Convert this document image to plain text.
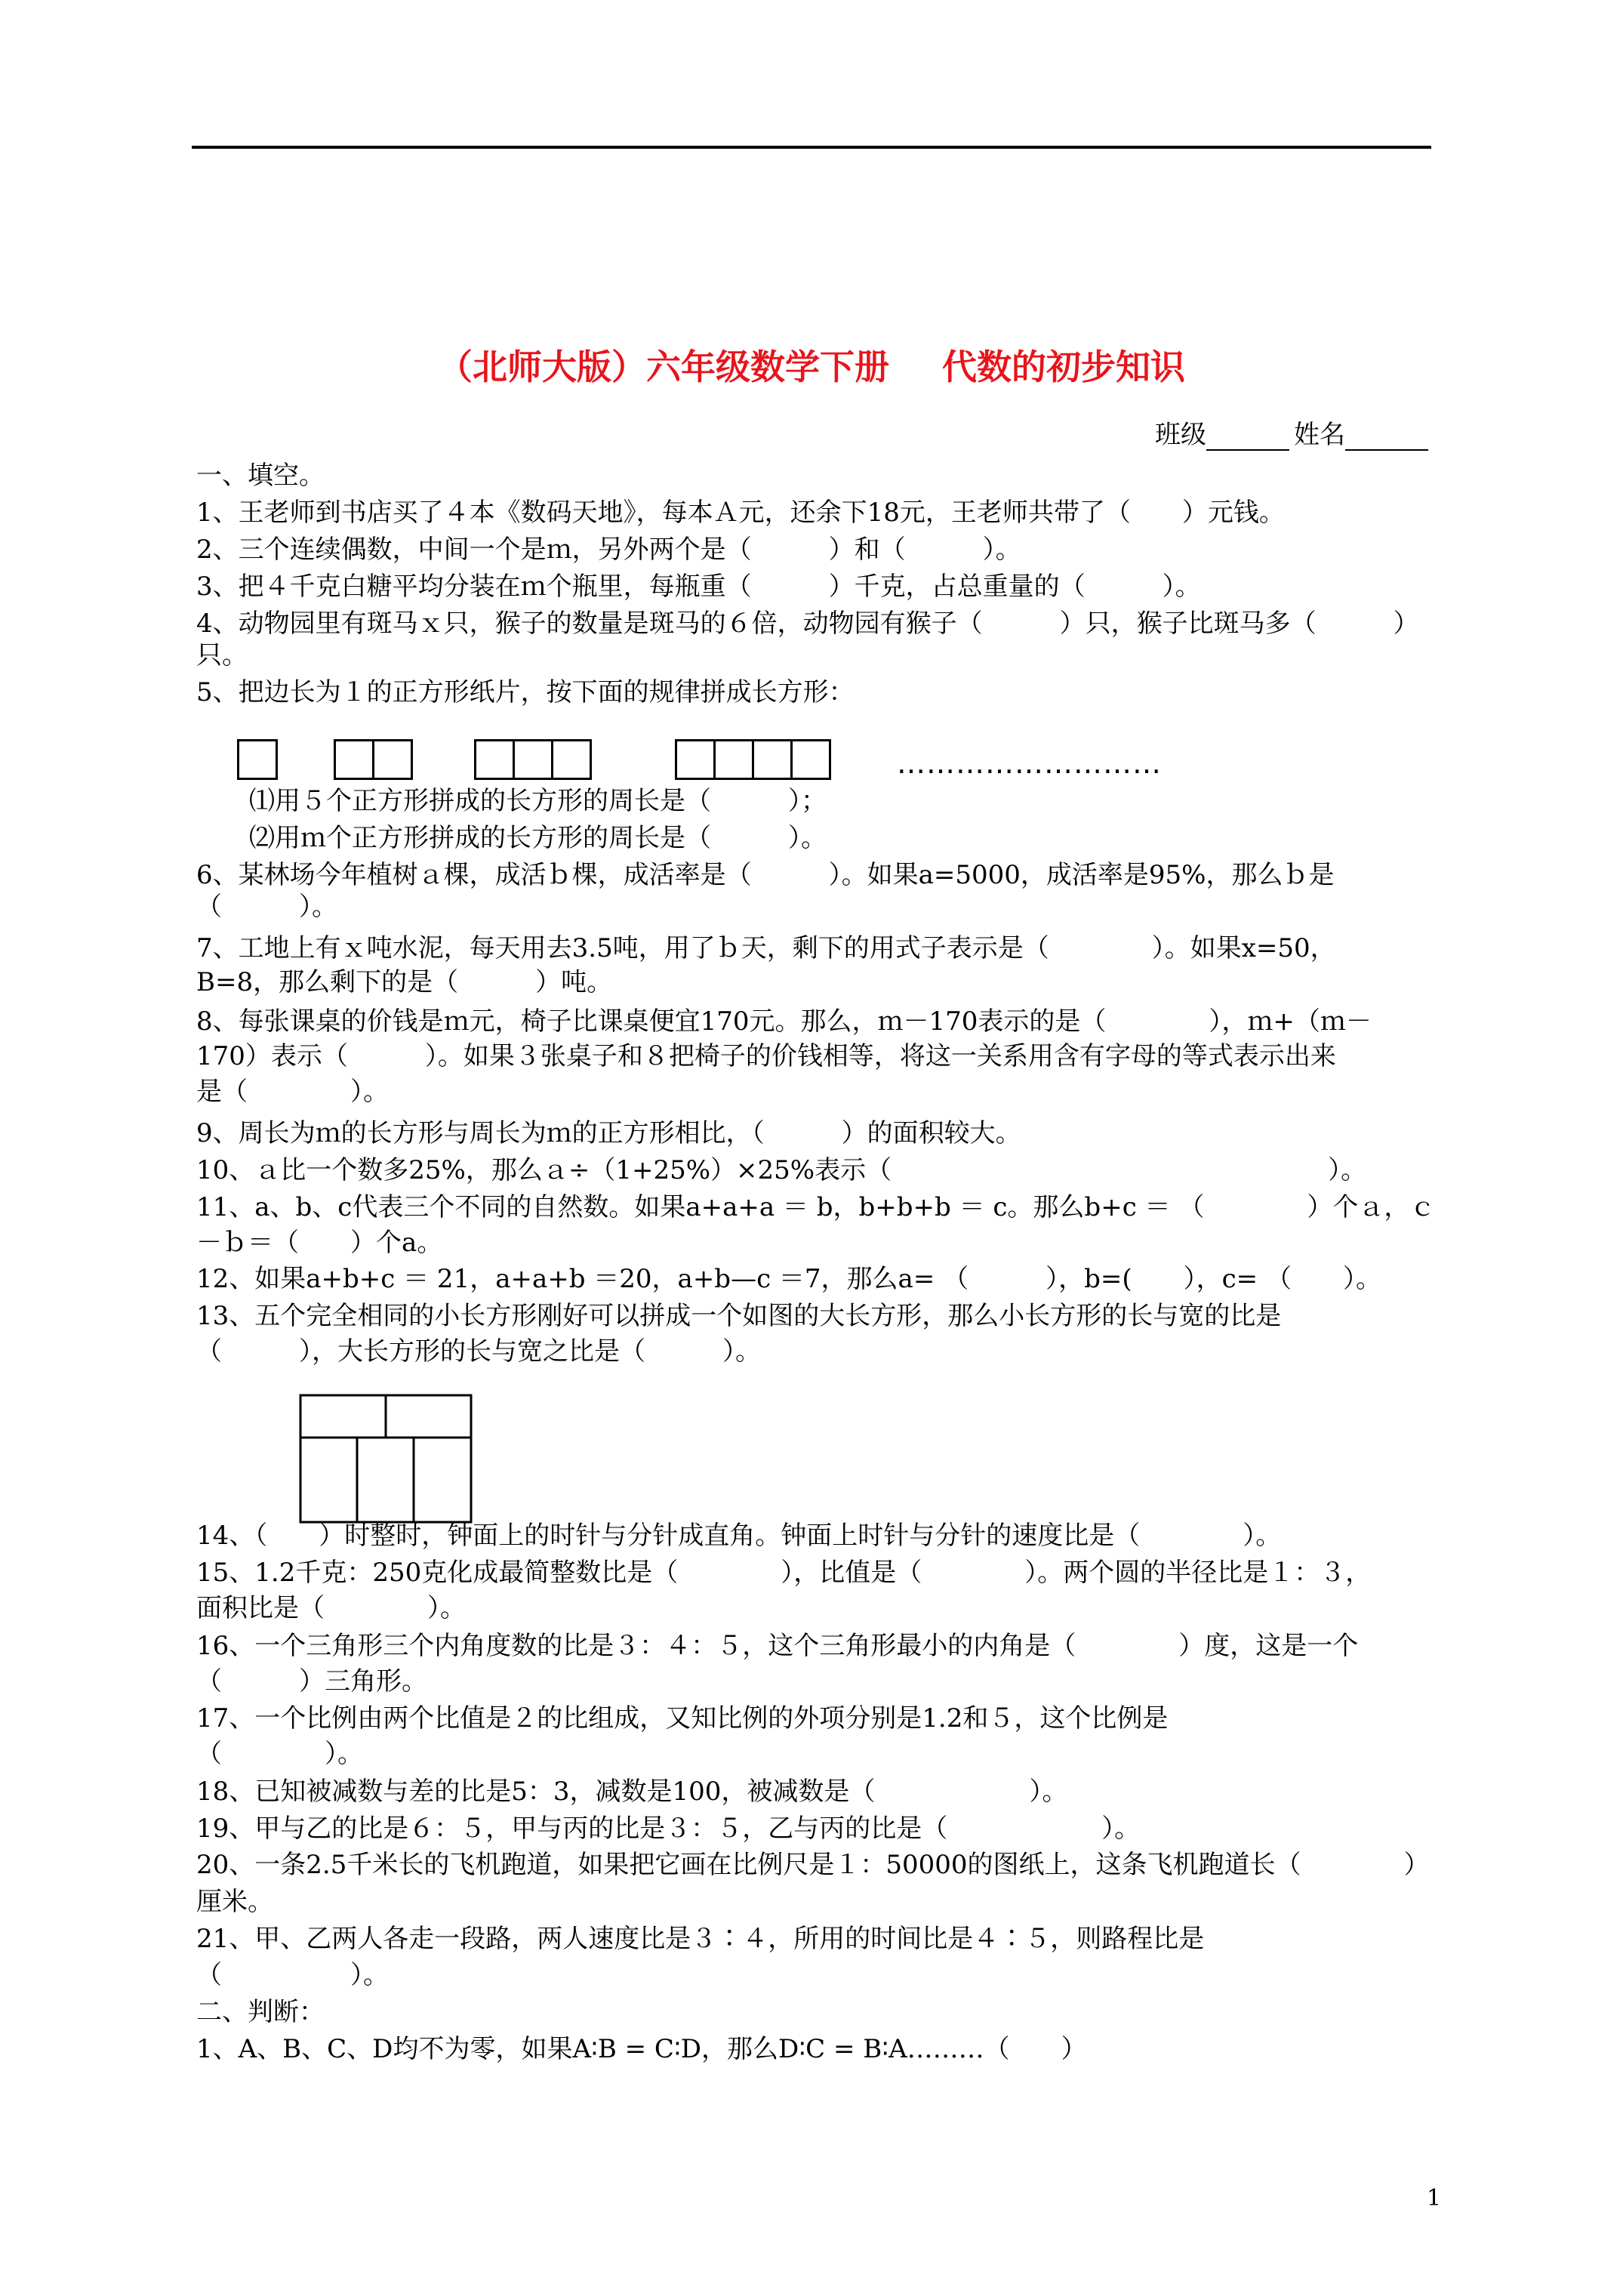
（北师大版）六年级数学下册 代数的初步知识
班级	姓名
一、填空。
1、王老师到书店买了４本《数码天地》，每本Ａ元，还余下18元，王老师共带了（　　）元钱。
2、三个连续偶数，中间一个是ｍ，另外两个是（　　　）和（　　　）。
3、把４千克白糖平均分装在ｍ个瓶里，每瓶重（　　　）千克，占总重量的（　　　）。
4、动物园里有斑马ｘ只，猴子的数量是斑马的６倍，动物园有猴子（　　　）只，猴子比斑马多（　　　）
只。
5、把边长为１的正方形纸片，按下面的规律拼成长方形：
⑴用５个正方形拼成的长方形的周长是（　　　）；
⑵用ｍ个正方形拼成的长方形的周长是（　　　）。
6、某林场今年植树ａ棵，成活ｂ棵，成活率是（　　　）。如果a=5000，成活率是95%，那么ｂ是
（　　　）。
7、工地上有ｘ吨水泥，每天用去3.5吨，用了ｂ天，剩下的用式子表示是（　　　　）。如果x=50，
B=8，那么剩下的是（　　　）吨。
8、每张课桌的价钱是ｍ元，椅子比课桌便宜170元。那么，ｍ－170表示的是（　　　　），ｍ+（ｍ－
170）表示（　　　）。如果３张桌子和８把椅子的价钱相等，将这一关系用含有字母的等式表示出来
是（　　　　）。
9、周长为ｍ的长方形与周长为ｍ的正方形相比，（　　　）的面积较大。
10、ａ比一个数多25%，那么ａ÷（1+25%）×25%表示（　　　　　　　　　　　　　　　　　）。
11、a、b、c代表三个不同的自然数。如果a+a+a ＝ b，b+b+b ＝ c。那么b+c ＝ （　　　　）个ａ，ｃ
－ｂ＝（　　）个a。
12、如果a+b+c ＝ 21，a+a+b ＝20，a+b—c ＝7，那么a= （　　　），b=(　　），c= （　　）。
13、五个完全相同的小长方形刚好可以拼成一个如图的大长方形，那么小长方形的长与宽的比是
（　　　），大长方形的长与宽之比是（　　　）。
14、（　　）时整时，钟面上的时针与分针成直角。钟面上时针与分针的速度比是（　　　　）。
15、1.2千克：250克化成最简整数比是（　　　　），比值是（　　　　）。两个圆的半径比是１：３，
面积比是（　　　　）。
16、一个三角形三个内角度数的比是３：４：５，这个三角形最小的内角是（　　　　）度，这是一个
（　　　）三角形。
17、一个比例由两个比值是２的比组成，又知比例的外项分别是1.2和５，这个比例是
（　　　　）。
18、已知被减数与差的比是5：3，减数是100，被减数是（　　　　　　）。
19、甲与乙的比是６：５，甲与丙的比是３：５，乙与丙的比是（　　　　　　）。
20、一条2.5千米长的飞机跑道，如果把它画在比例尺是１：50000的图纸上，这条飞机跑道长（　　　　）
厘米。
21、甲、乙两人各走一段路，两人速度比是３∶４，所用的时间比是４∶５，则路程比是
（　　　　　）。
二、判断：
1、A、B、C、D均不为零，如果A∶B = C∶D，那么D∶C = B∶A………（　　）
………………………
1
